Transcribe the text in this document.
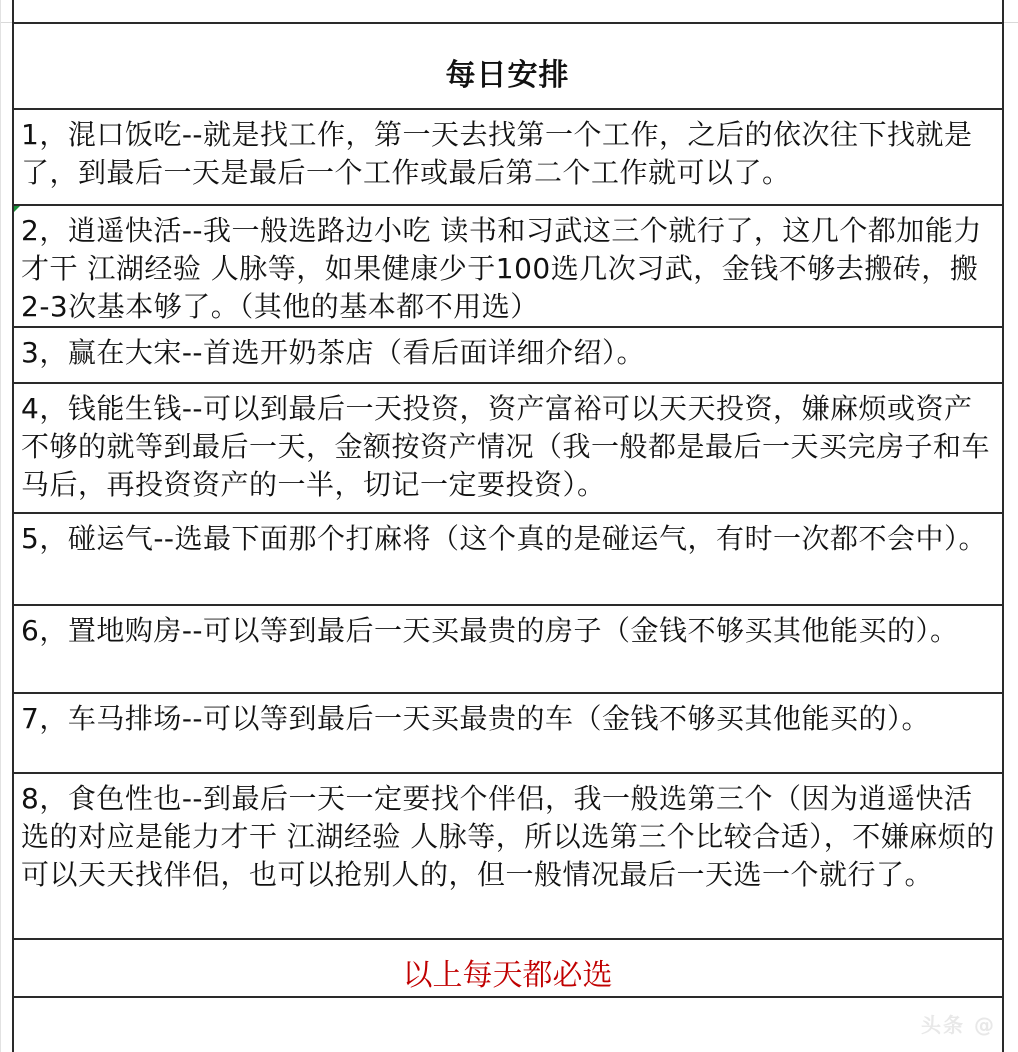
每日安排
1，混口饭吃--就是找工作，第一天去找第一个工作，之后的依次往下找就是了，到最后一天是最后一个工作或最后第二个工作就可以了。
2，逍遥快活--我一般选路边小吃 读书和习武这三个就行了，这几个都加能力才干 江湖经验 人脉等，如果健康少于100选几次习武，金钱不够去搬砖，搬2-3次基本够了。（其他的基本都不用选）
3，赢在大宋--首选开奶茶店（看后面详细介绍）。
4，钱能生钱--可以到最后一天投资，资产富裕可以天天投资，嫌麻烦或资产不够的就等到最后一天，金额按资产情况（我一般都是最后一天买完房子和车马后，再投资资产的一半，切记一定要投资）。
5，碰运气--选最下面那个打麻将（这个真的是碰运气，有时一次都不会中）。
6，置地购房--可以等到最后一天买最贵的房子（金钱不够买其他能买的）。
7，车马排场--可以等到最后一天买最贵的车（金钱不够买其他能买的）。
8，食色性也--到最后一天一定要找个伴侣，我一般选第三个（因为逍遥快活选的对应是能力才干 江湖经验 人脉等，所以选第三个比较合适），不嫌麻烦的可以天天找伴侣，也可以抢别人的，但一般情况最后一天选一个就行了。
以上每天都必选
头条 @
